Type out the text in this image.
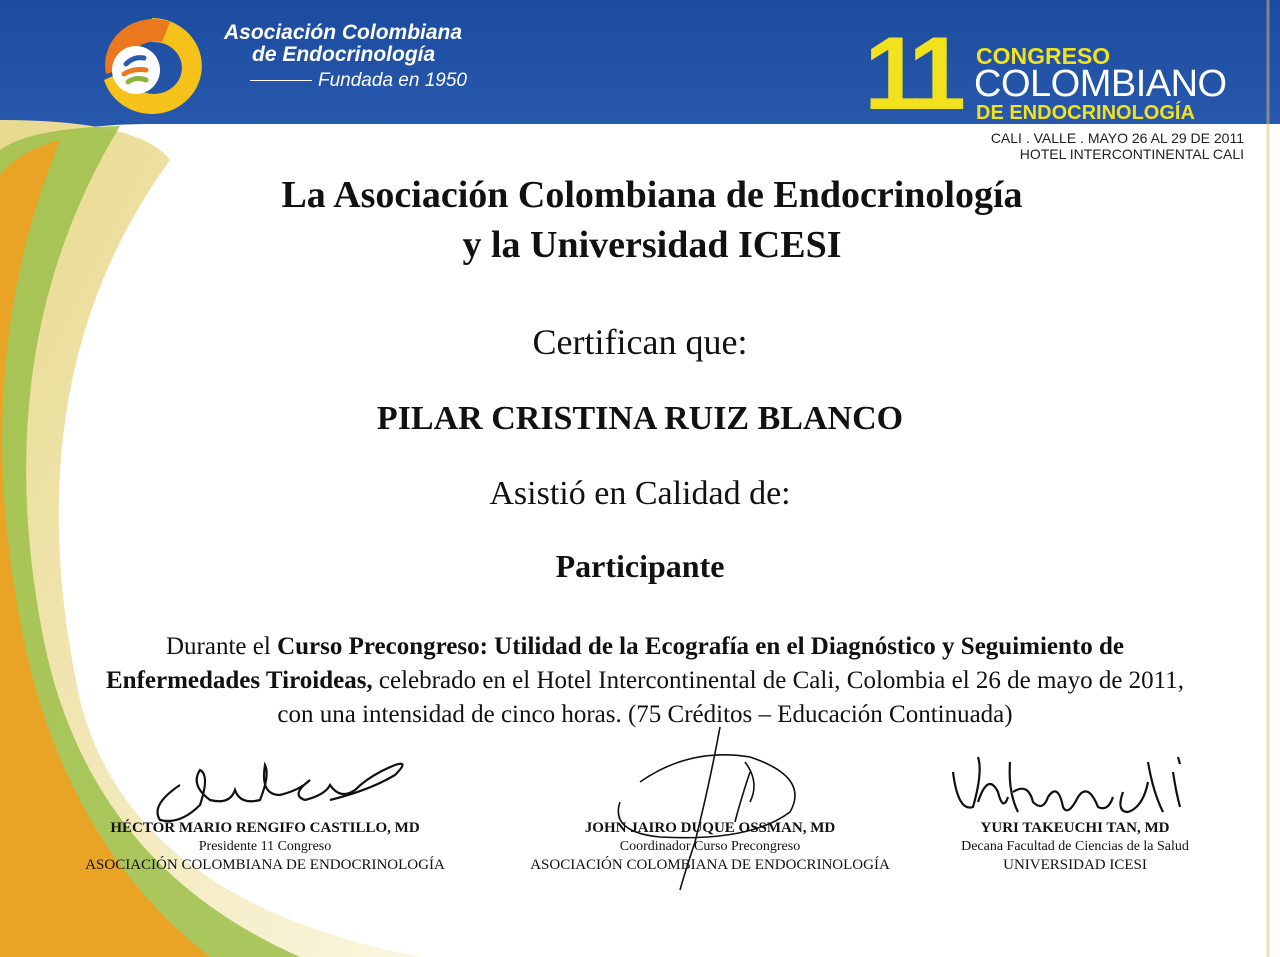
Asociación Colombiana
de Endocrinología
Fundada en 1950	11 CONGRESO
COLOMBIANO
DE ENDOCRINOLOGÍA
CALI . VALLE . MAYO 26 AL 29 DE 2011
HOTEL INTERCONTINENTAL CALI
La Asociación Colombiana de Endocrinología
y la Universidad ICESI
Certifican que:
PILAR CRISTINA RUIZ BLANCO
Asistió en Calidad de:
Participante
Durante el Curso Precongreso: Utilidad de la Ecografía en el Diagnóstico y Seguimiento de Enfermedades Tiroideas, celebrado en el Hotel Intercontinental de Cali, Colombia el 26 de mayo de 2011, con una intensidad de cinco horas. (75 Créditos – Educación Continuada)
HÉCTOR MARIO RENGIFO CASTILLO, MD
Presidente 11 Congreso
ASOCIACIÓN COLOMBIANA DE ENDOCRINOLOGÍA
JOHN JAIRO DUQUE OSSMAN, MD
Coordinador Curso Precongreso
ASOCIACIÓN COLOMBIANA DE ENDOCRINOLOGÍA
YURI TAKEUCHI TAN, MD
Decana Facultad de Ciencias de la Salud
UNIVERSIDAD ICESI
